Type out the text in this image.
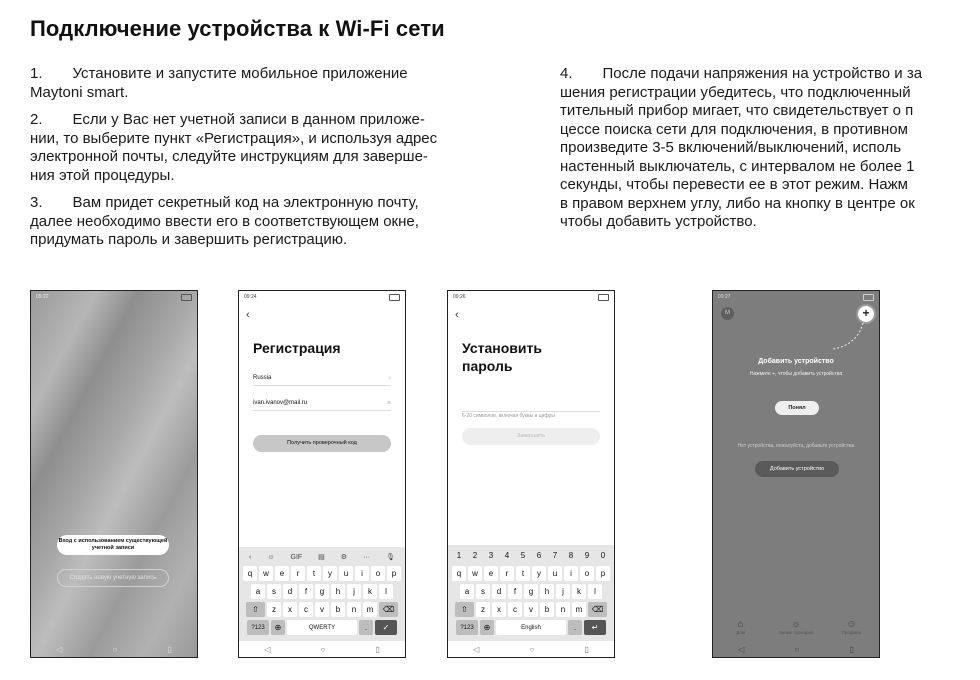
Подключение устройства к Wi-Fi сети

1.  Установите и запустите мобильное приложение
Maytoni smart.

2.  Если у Вас нет учетной записи в данном приложе-
нии, то выберите пункт «Регистрация», и используя адрес
электронной почты, следуйте инструкциям для заверше-
ния этой процедуры.

3.  Вам придет секретный код на электронную почту,
далее необходимо ввести его в соответствующем окне,
придумать пароль и завершить регистрацию.

4.  После подачи напряжения на устройство и за
шения регистрации убедитесь, что подключенный
тительный прибор мигает, что свидетельствует о п
цессе поиска сети для подключения, в противном
произведите 3-5 включений/выключений, исполь
настенный выключатель, с интервалом не более 1
секунды, чтобы перевести ее в этот режим. Нажм
в правом верхнем углу, либо на кнопку в центре ок
чтобы добавить устройство.

09:22
Вход с использованием существующей учетной записи
Создать новую учетную запись
◁	○	▯
09:24
‹
Регистрация
Russia	›
ivan.ivanov@mail.ru	×
Получить проверочный код
‹ ☺ GIF ▤ ⚙ ··· 🎙
q	w	e	r	t	y	u	i	o	p
a	s	d	f	g	h	j	k	l
⇧	z	x	c	v	b	n	m	⌫
?123	⊕	QWERTY	.	✓
◁	○	▯
09:26
‹
Установить
пароль
6-20 символов, включая буквы и цифры
Завершить
1	2	3	4	5	6	7	8	9	0
q	w	e	r	t	y	u	i	o	p
a	s	d	f	g	h	j	k	l
⇧	z	x	c	v	b	n	m	⌫
?123	⊕	English	.	↵
◁	○	▯
09:27
M	+
Добавить устройство
Нажмите +, чтобы добавить устройства
Понял
Нет устройства, пожалуйста, добавьте устройства
Добавить устройство
⌂
Дом
☼
Умные сценарии
☺
Профиль
◁	○	▯
